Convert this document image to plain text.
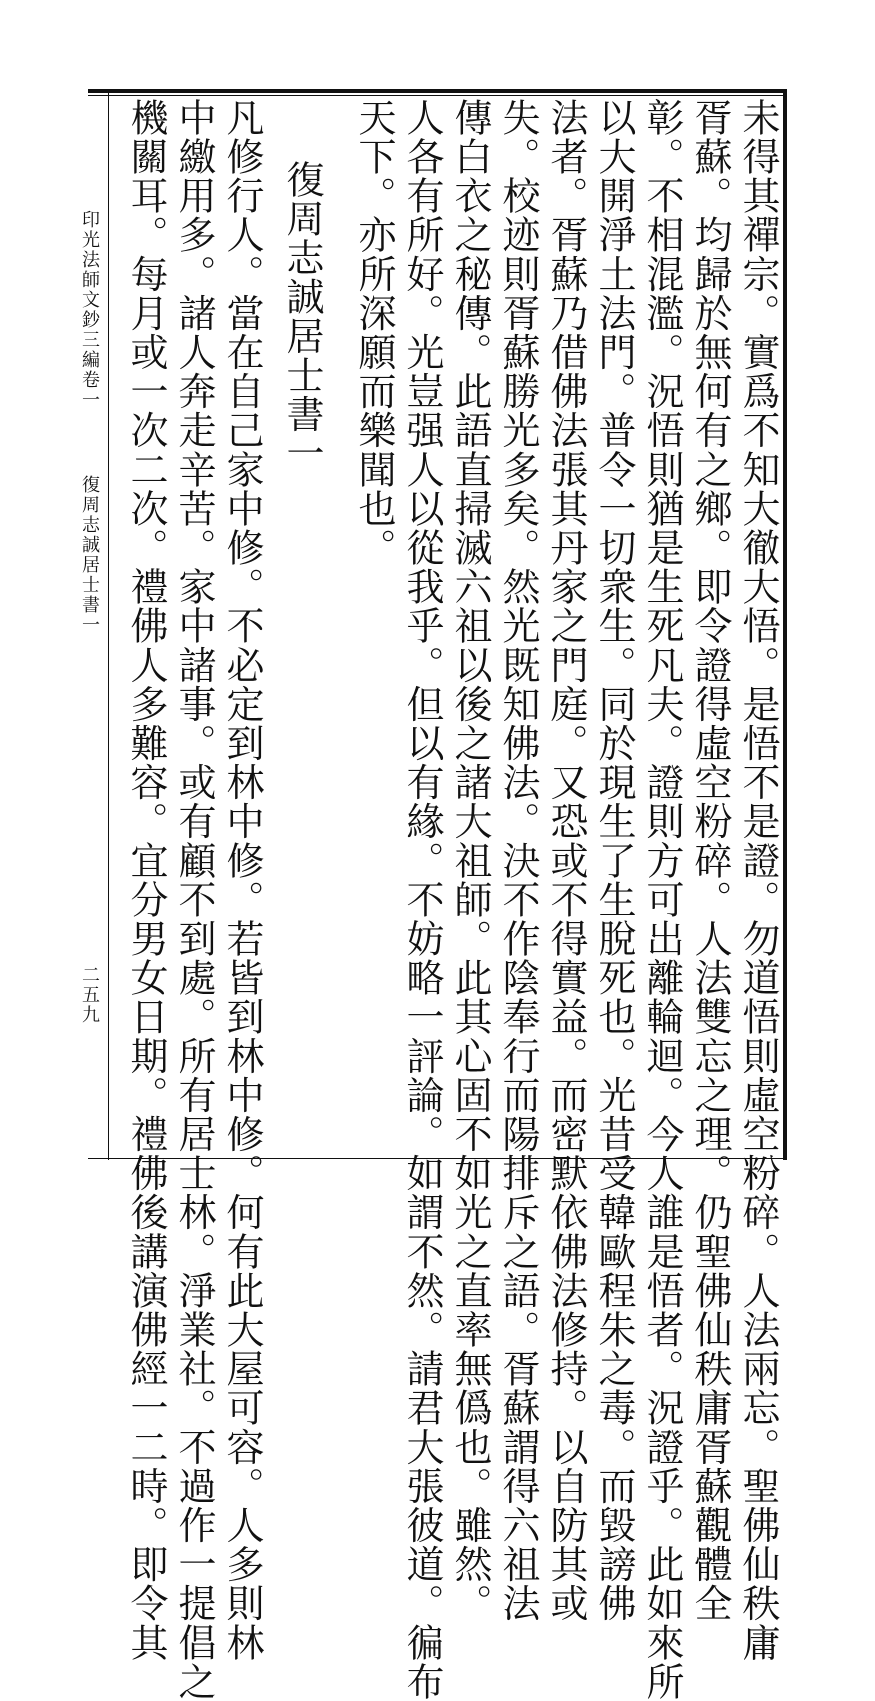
未得其禪宗。實爲不知大徹大悟。是悟不是證。勿道悟則虛空粉碎。人法兩忘。聖佛仙秩庸
胥蘇。均歸於無何有之鄉。即令證得虛空粉碎。人法雙忘之理。仍聖佛仙秩庸胥蘇觀體全
彰。不相混濫。況悟則猶是生死凡夫。證則方可出離輪迴。今人誰是悟者。況證乎。此如來所
以大開淨土法門。普令一切衆生。同於現生了生脫死也。光昔受韓歐程朱之毒。而毀謗佛
法者。胥蘇乃借佛法張其丹家之門庭。又恐或不得實益。而密默依佛法修持。以自防其或
失。校迹則胥蘇勝光多矣。然光既知佛法。決不作陰奉行而陽排斥之語。胥蘇謂得六祖法
傳白衣之秘傳。此語直掃滅六祖以後之諸大祖師。此其心固不如光之直率無僞也。雖然。
人各有所好。光豈强人以從我乎。但以有緣。不妨略一評論。如謂不然。請君大張彼道。徧布
天下。亦所深願而樂聞也。
復周志誠居士書一
凡修行人。當在自己家中修。不必定到林中修。若皆到林中修。何有此大屋可容。人多則林
中繳用多。諸人奔走辛苦。家中諸事。或有顧不到處。所有居士林。淨業社。不過作一提倡之
機關耳。每月或一次二次。禮佛人多難容。宜分男女日期。禮佛後講演佛經一二時。即令其
印光法師文鈔三編卷一
復周志誠居士書一
二五九
